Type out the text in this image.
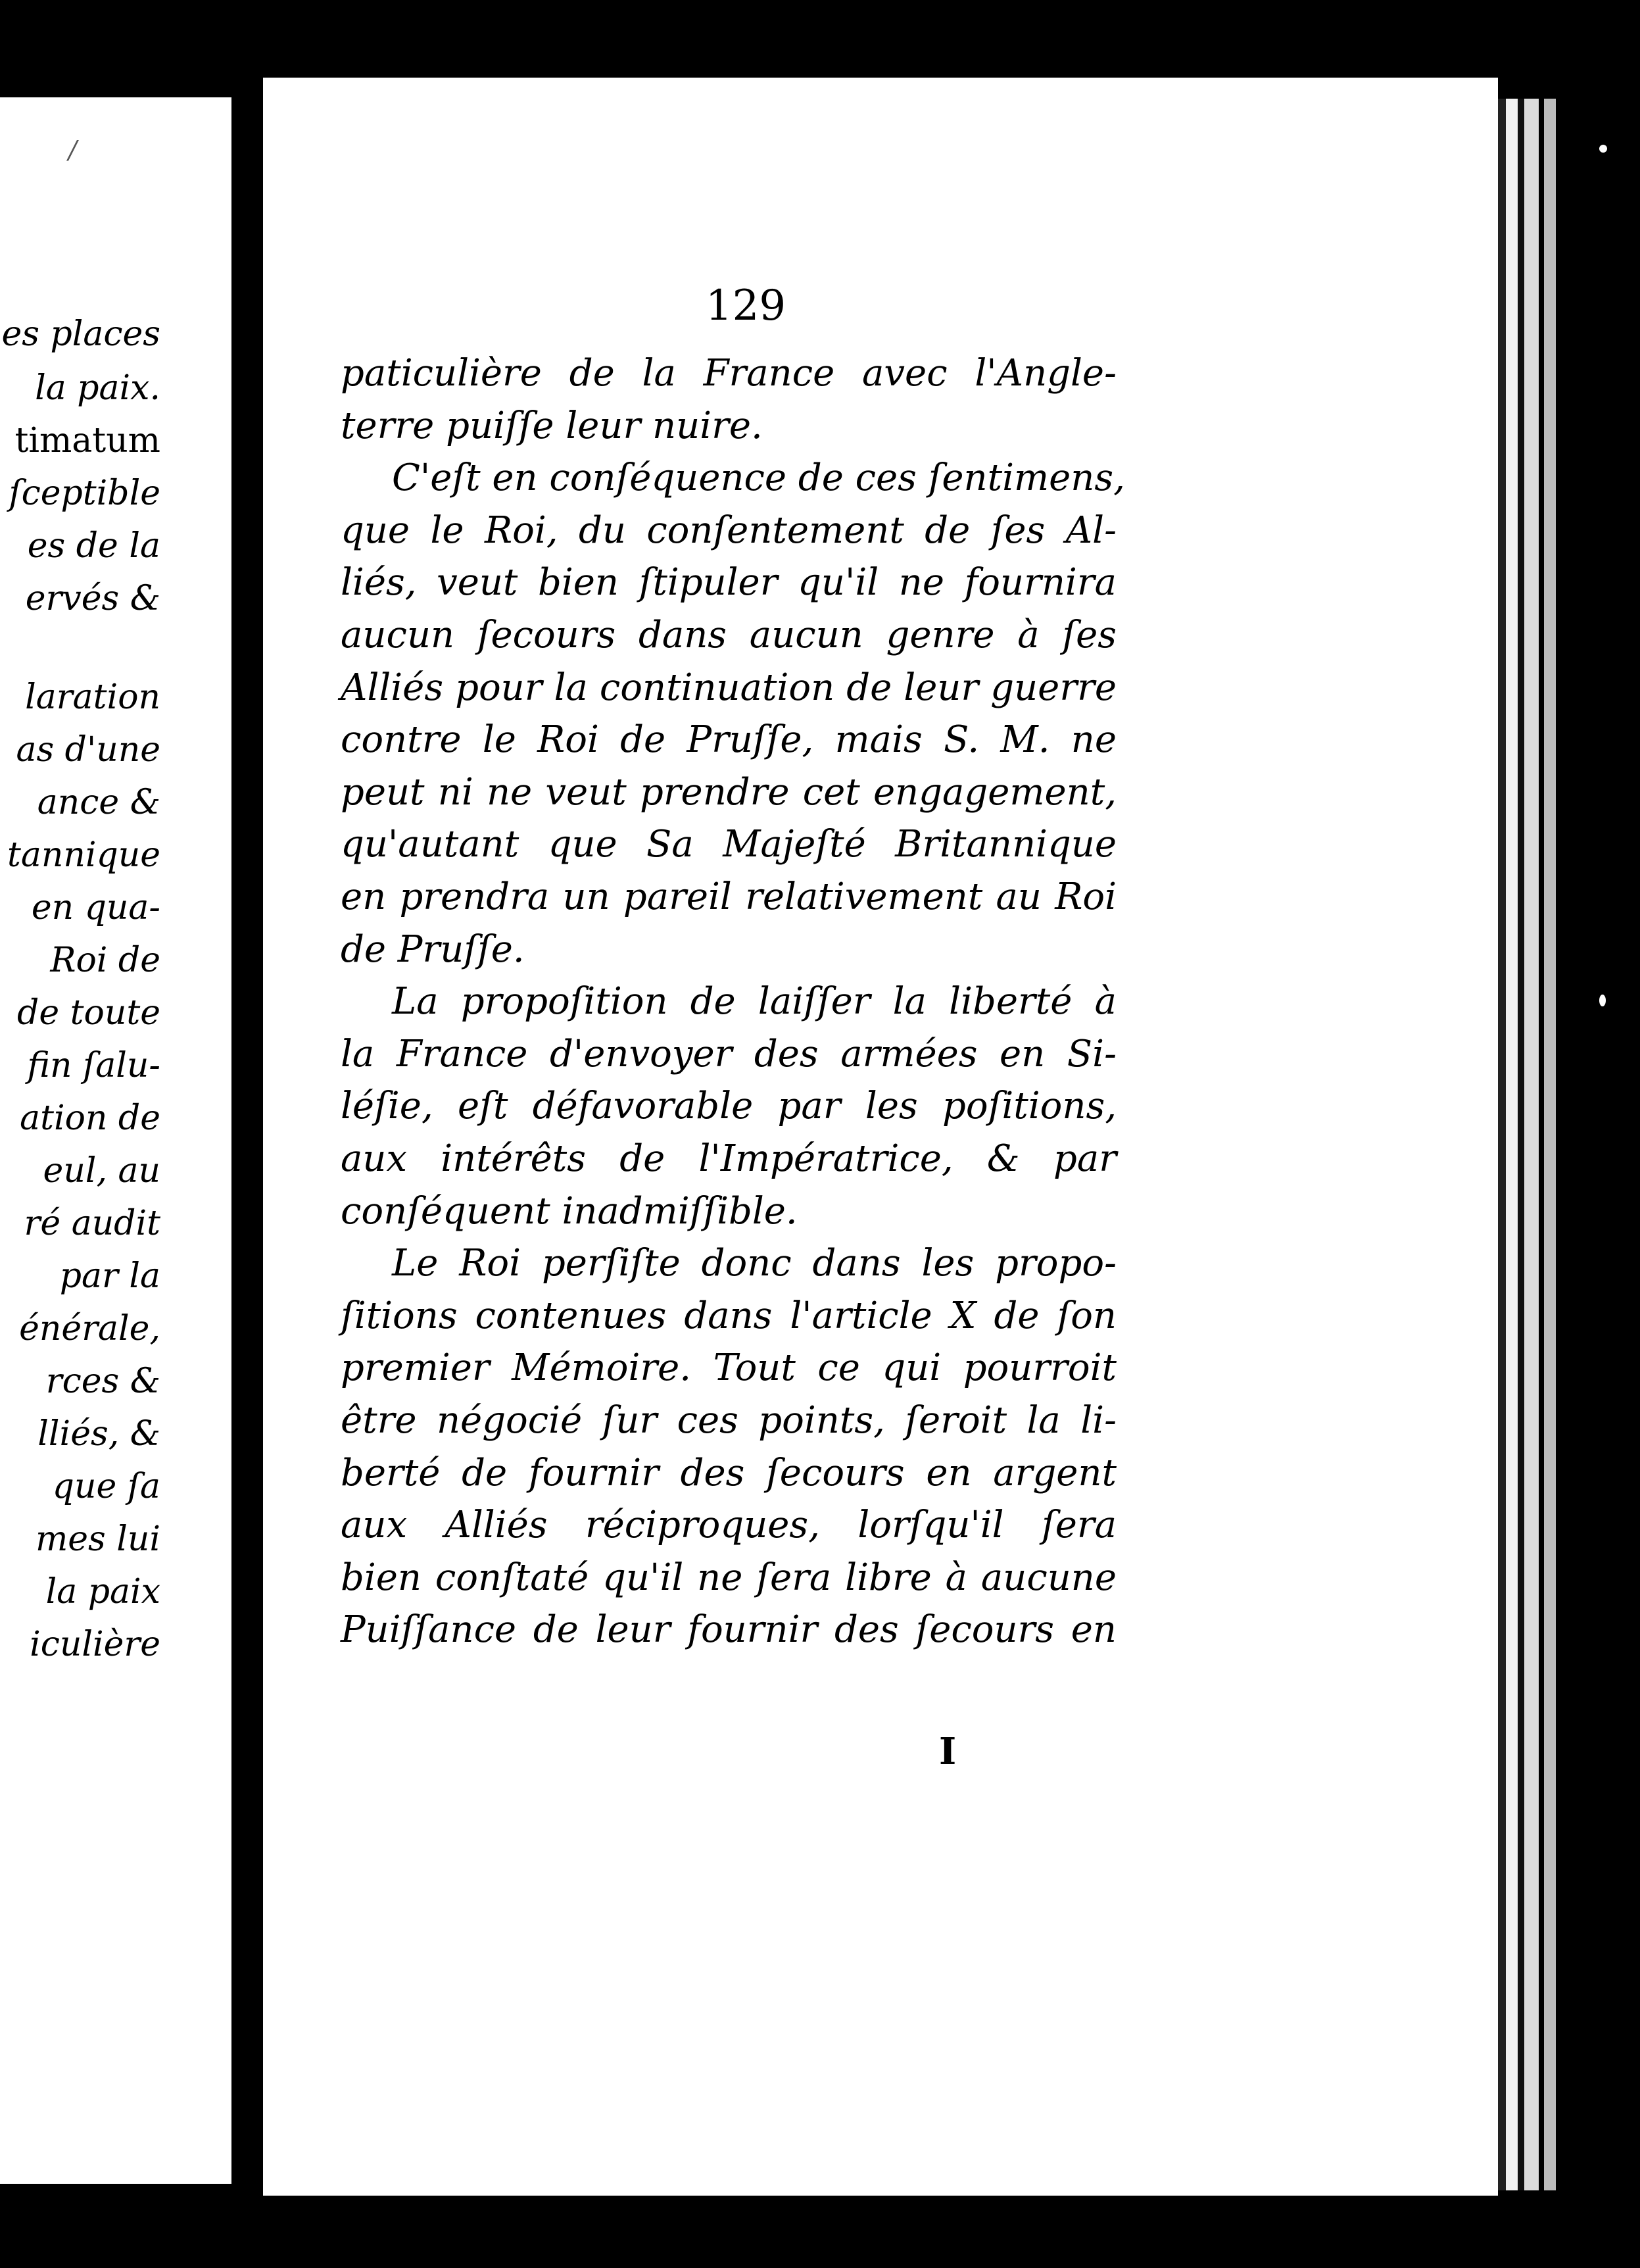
/
es places
la paix.
timatum
ſceptible
es de la
ervés &
laration
as d'une
ance &
tannique
en qua-
Roi de
de toute
fin ſalu-
ation de
eul, au
ré audit
par la
énérale,
rces &
lliés, &
que ſa
mes lui
la paix
iculière
129
paticulière de la France avec l'Angle-
terre puiſſe leur nuire.
C'eſt en conſéquence de ces ſentimens,
que le Roi, du conſentement de ſes Al-
liés, veut bien ſtipuler qu'il ne fournira
aucun ſecours dans aucun genre à ſes
Alliés pour la continuation de leur guerre
contre le Roi de Pruſſe, mais S. M. ne
peut ni ne veut prendre cet engagement,
qu'autant que Sa Majeſté Britannique
en prendra un pareil relativement au Roi
de Pruſſe.
La propoſition de laiſſer la liberté à
la France d'envoyer des armées en Si-
léſie, eſt défavorable par les poſitions,
aux intérêts de l'Impératrice, & par
conſéquent inadmiſſible.
Le Roi perſiſte donc dans les propo-
ſitions contenues dans l'article X de ſon
premier Mémoire. Tout ce qui pourroit
être négocié ſur ces points, ſeroit la li-
berté de fournir des ſecours en argent
aux Alliés réciproques, lorſqu'il ſera
bien conſtaté qu'il ne ſera libre à aucune
Puiſſance de leur fournir des ſecours en
I
